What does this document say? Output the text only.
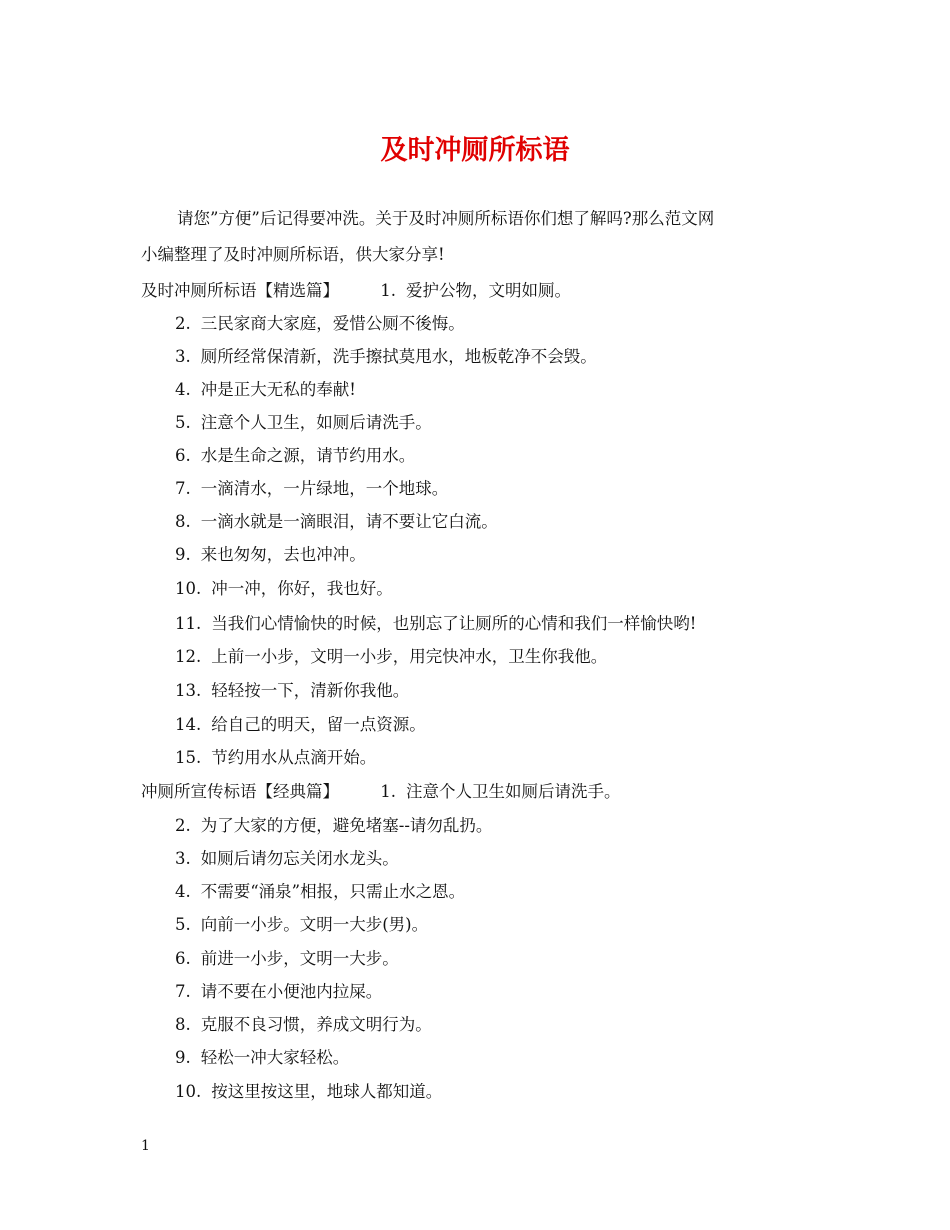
及时冲厕所标语
请您”方便”后记得要冲洗。关于及时冲厕所标语你们想了解吗?那么范文网
小编整理了及时冲厕所标语，供大家分享!
及时冲厕所标语【精选篇】	1. 爱护公物，文明如厕。
2. 三民家商大家庭，爱惜公厕不後悔。
3. 厕所经常保清新，洗手擦拭莫甩水，地板乾净不会毁。
4. 冲是正大无私的奉献!
5. 注意个人卫生，如厕后请洗手。
6. 水是生命之源，请节约用水。
7. 一滴清水，一片绿地，一个地球。
8. 一滴水就是一滴眼泪，请不要让它白流。
9. 来也匆匆，去也冲冲。
10. 冲一冲，你好，我也好。
11. 当我们心情愉快的时候，也别忘了让厕所的心情和我们一样愉快哟!
12. 上前一小步，文明一小步，用完快冲水，卫生你我他。
13. 轻轻按一下，清新你我他。
14. 给自己的明天，留一点资源。
15. 节约用水从点滴开始。
冲厕所宣传标语【经典篇】	1. 注意个人卫生如厕后请洗手。
2. 为了大家的方便，避免堵塞--请勿乱扔。
3. 如厕后请勿忘关闭水龙头。
4. 不需要“涌泉”相报，只需止水之恩。
5. 向前一小步。文明一大步(男)。
6. 前进一小步，文明一大步。
7. 请不要在小便池内拉屎。
8. 克服不良习惯，养成文明行为。
9. 轻松一冲大家轻松。
10. 按这里按这里，地球人都知道。
1
